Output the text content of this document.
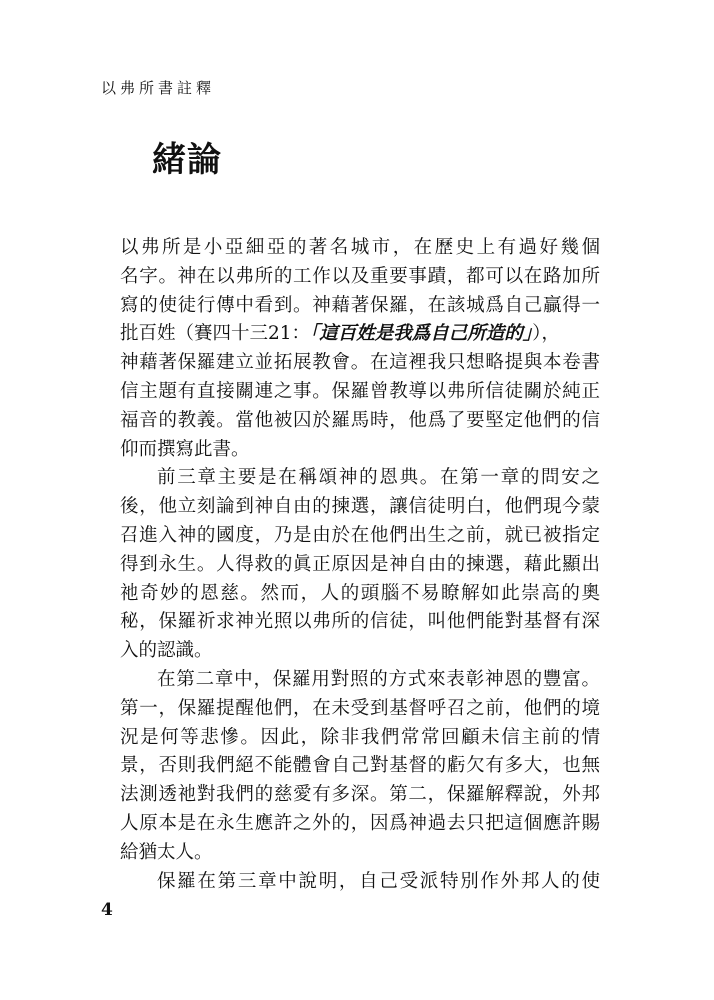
以弗所書註釋
緒論
以弗所是小亞細亞的著名城市，在歷史上有過好幾個
名字。神在以弗所的工作以及重要事蹟，都可以在路加所
寫的使徒行傳中看到。神藉著保羅，在該城爲自己贏得一
批百姓（賽四十三21：「這百姓是我爲自己所造的」），
神藉著保羅建立並拓展教會。在這裡我只想略提與本卷書
信主題有直接關連之事。保羅曾教導以弗所信徒關於純正
福音的教義。當他被囚於羅馬時，他爲了要堅定他們的信
仰而撰寫此書。
前三章主要是在稱頌神的恩典。在第一章的問安之
後，他立刻論到神自由的揀選，讓信徒明白，他們現今蒙
召進入神的國度，乃是由於在他們出生之前，就已被指定
得到永生。人得救的眞正原因是神自由的揀選，藉此顯出
祂奇妙的恩慈。然而，人的頭腦不易瞭解如此崇高的奧
秘，保羅祈求神光照以弗所的信徒，叫他們能對基督有深
入的認識。
在第二章中，保羅用對照的方式來表彰神恩的豐富。
第一，保羅提醒他們，在未受到基督呼召之前，他們的境
況是何等悲慘。因此，除非我們常常回顧未信主前的情
景，否則我們絕不能體會自己對基督的虧欠有多大，也無
法測透祂對我們的慈愛有多深。第二，保羅解釋說，外邦
人原本是在永生應許之外的，因爲神過去只把這個應許賜
給猶太人。
保羅在第三章中說明，自己受派特別作外邦人的使
4
